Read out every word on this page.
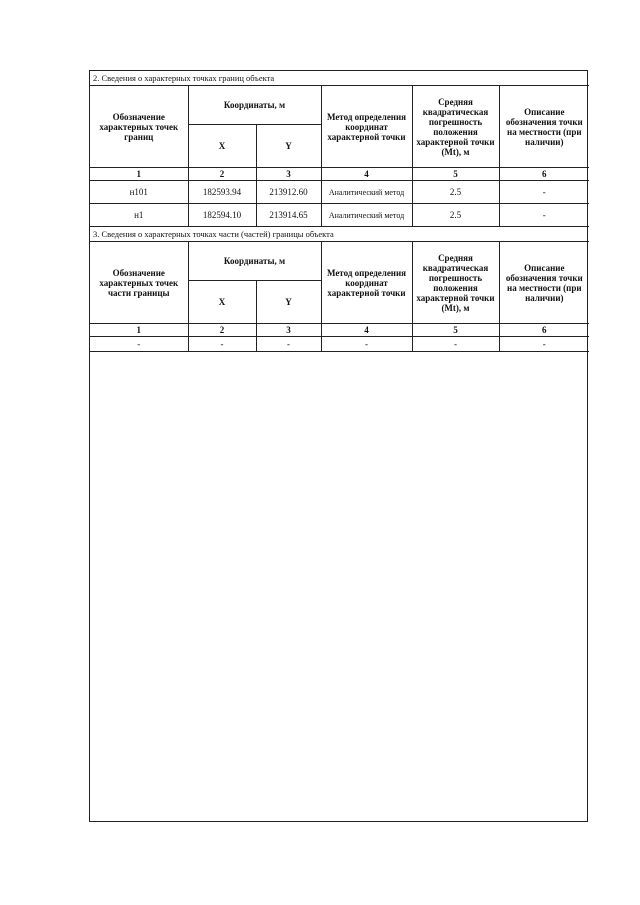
2. Сведения о характерных точках границ объекта					
Обозначение характерных точек границ	Координаты, м		Метод определения координат характерной точки	Средняя квадратическая погрешность положения характерной точки (Mt), м	Описание обозначения точки на местности (при наличии)
	X	Y			
1	2	3	4	5	6
н101	182593.94	213912.60	Аналитический метод	2.5	-
н1	182594.10	213914.65	Аналитический метод	2.5	-
3. Сведения о характерных точках части (частей) границы объекта					
Обозначение характерных точек части границы	Координаты, м		Метод определения координат характерной точки	Средняя квадратическая погрешность положения характерной точки (Mt), м	Описание обозначения точки на местности (при наличии)
	X	Y			
1	2	3	4	5	6
-	-	-	-	-	-
